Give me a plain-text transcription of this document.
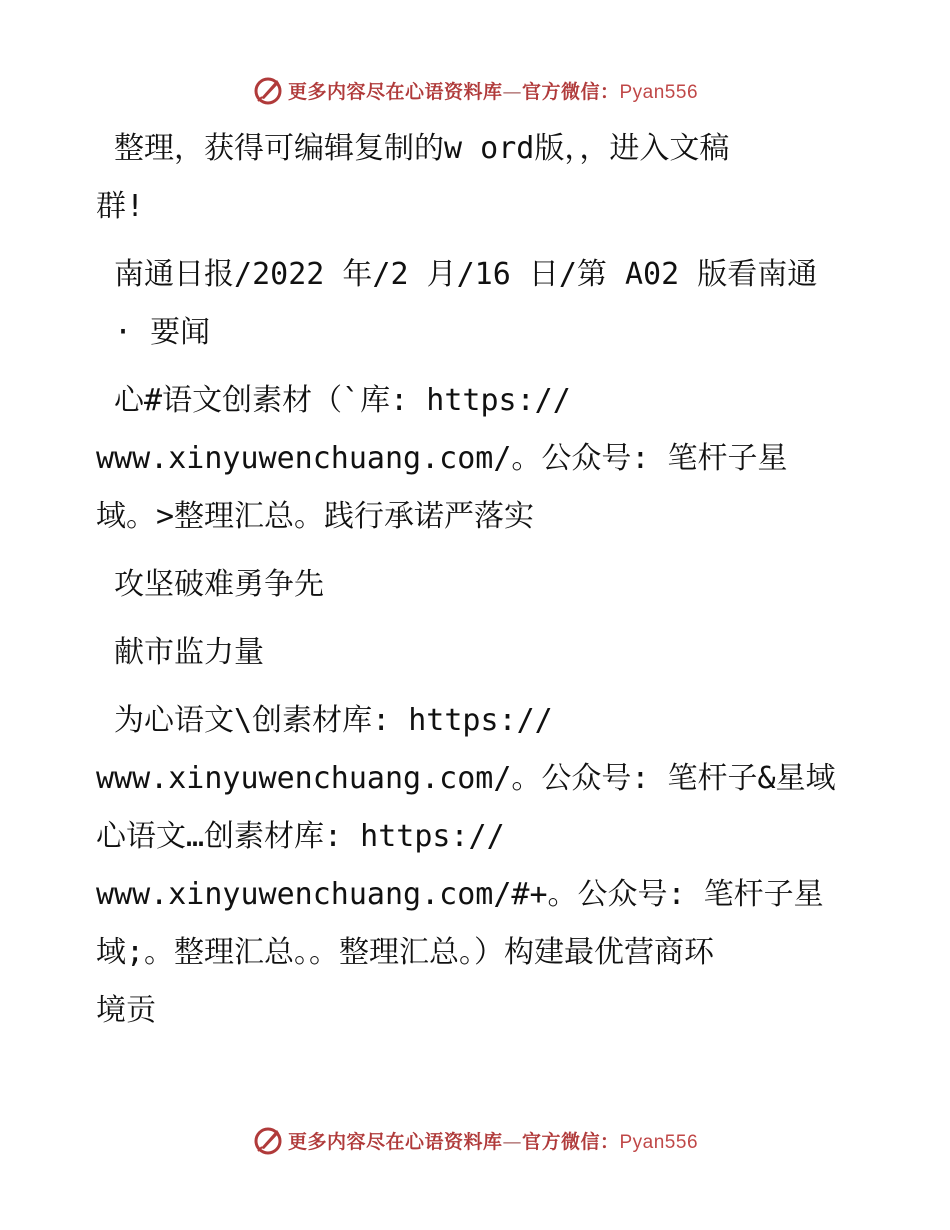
更多内容尽在心语资料库—官方微信：Pyan556

整理，获得可编辑复制的w ord版，，进入文稿
群!

南通日报/2022 年/2 月/16 日/第 A02 版看南通
· 要闻

心#语文创素材（`库: https://
www.xinyuwenchuang.com/。公众号: 笔杆子星
域。>整理汇总。践行承诺严落实

攻坚破难勇争先

献市监力量

为心语文\创素材库: https://
www.xinyuwenchuang.com/。公众号: 笔杆子&星域
心语文…创素材库: https://
www.xinyuwenchuang.com/#+。公众号: 笔杆子星
域;。整理汇总。。整理汇总。）构建最优营商环
境贡

更多内容尽在心语资料库—官方微信：Pyan556
